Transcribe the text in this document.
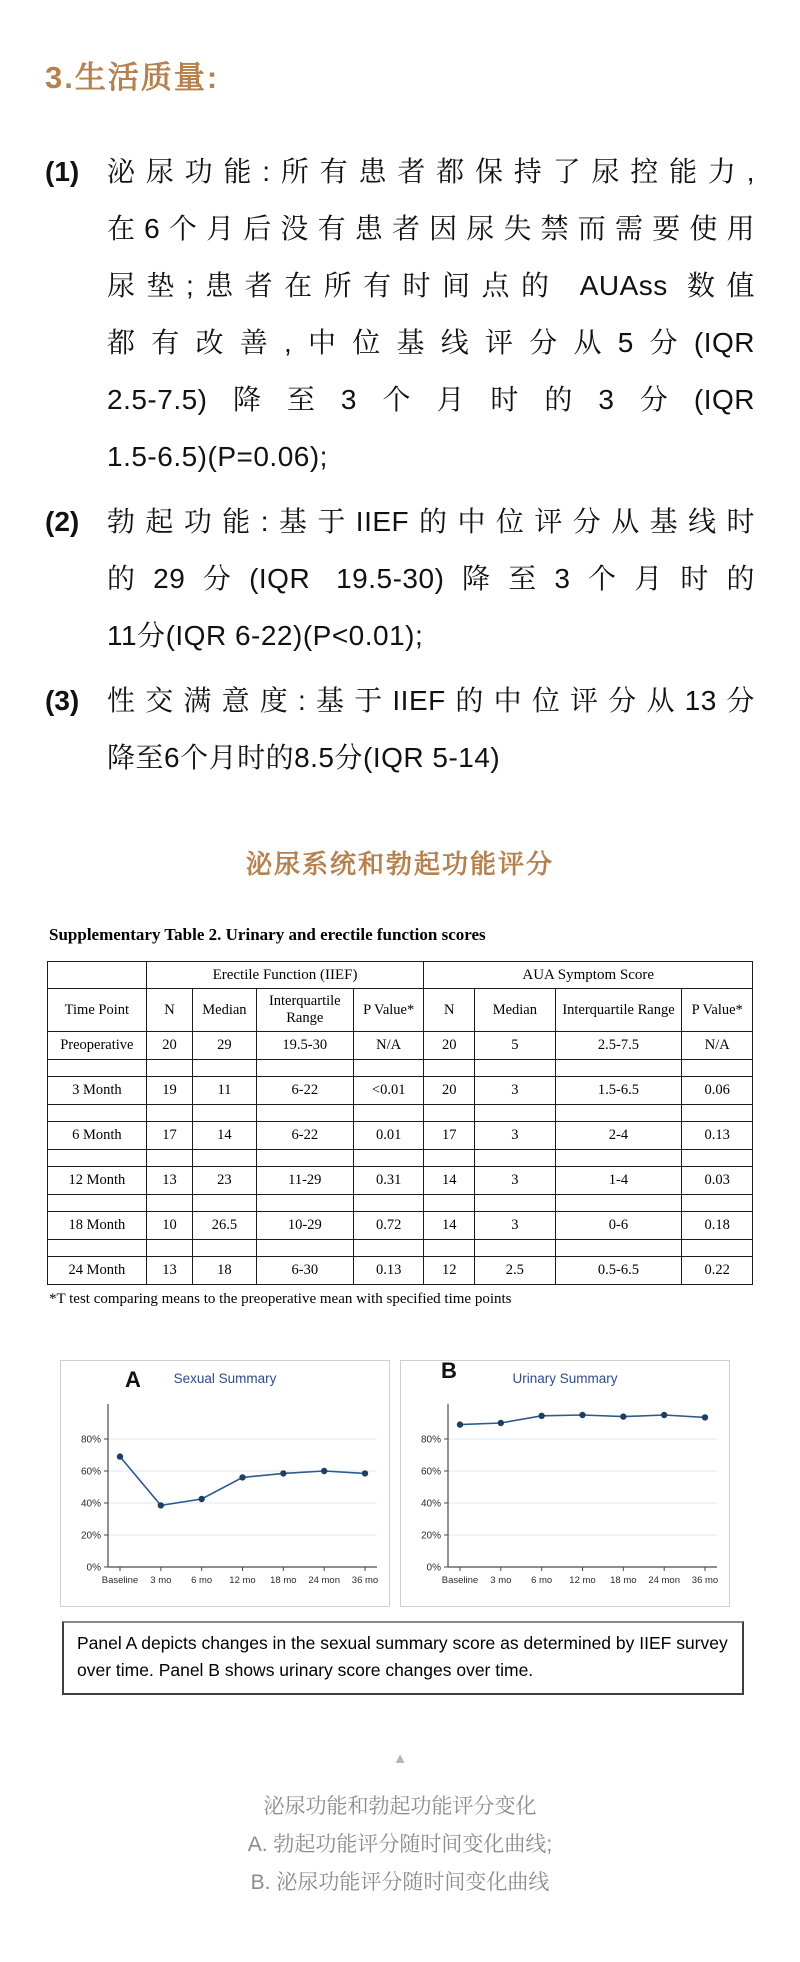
3.生活质量:
(1) 泌尿功能:所有患者都保持了尿控能力,
在6个月后没有患者因尿失禁而需要使用
尿垫;患者在所有时间点的 AUAss 数值
都有改善,中位基线评分从5分(IQR
2.5-7.5)降至3个月时的3分(IQR
1.5-6.5)(P=0.06);
(2) 勃起功能:基于IIEF的中位评分从基线时
的29分(IQR 19.5-30)降至3个月时的
11分(IQR 6-22)(P<0.01);
(3) 性交满意度:基于IIEF的中位评分从13分
降至6个月时的8.5分(IQR 5-14)
泌尿系统和勃起功能评分
Supplementary Table 2. Urinary and erectile function scores
	Erectile Function (IIEF)				AUA Symptom Score			
Time Point	N	Median	Interquartile Range	P Value*	N	Median	Interquartile Range	P Value*
Preoperative	20	29	19.5-30	N/A	20	5	2.5-7.5	N/A

3 Month	19	11	6-22	<0.01	20	3	1.5-6.5	0.06

6 Month	17	14	6-22	0.01	17	3	2-4	0.13

12 Month	13	23	11-29	0.31	14	3	1-4	0.03

18 Month	10	26.5	10-29	0.72	14	3	0-6	0.18

24 Month	13	18	6-30	0.13	12	2.5	0.5-6.5	0.22
*T test comparing means to the preoperative mean with specified time points
A	Sexual Summary
0%
20%
40%
60%
80%
Baseline 3 mo 6 mo 12 mo 18 mo 24 mon 36 mo
B	Urinary Summary
0%
20%
40%
60%
80%
Baseline 3 mo 6 mo 12 mo 18 mo 24 mon 36 mo
Panel A depicts changes in the sexual summary score as determined by IIEF survey over time. Panel B shows urinary score changes over time.
▲
泌尿功能和勃起功能评分变化
A. 勃起功能评分随时间变化曲线;
B. 泌尿功能评分随时间变化曲线
